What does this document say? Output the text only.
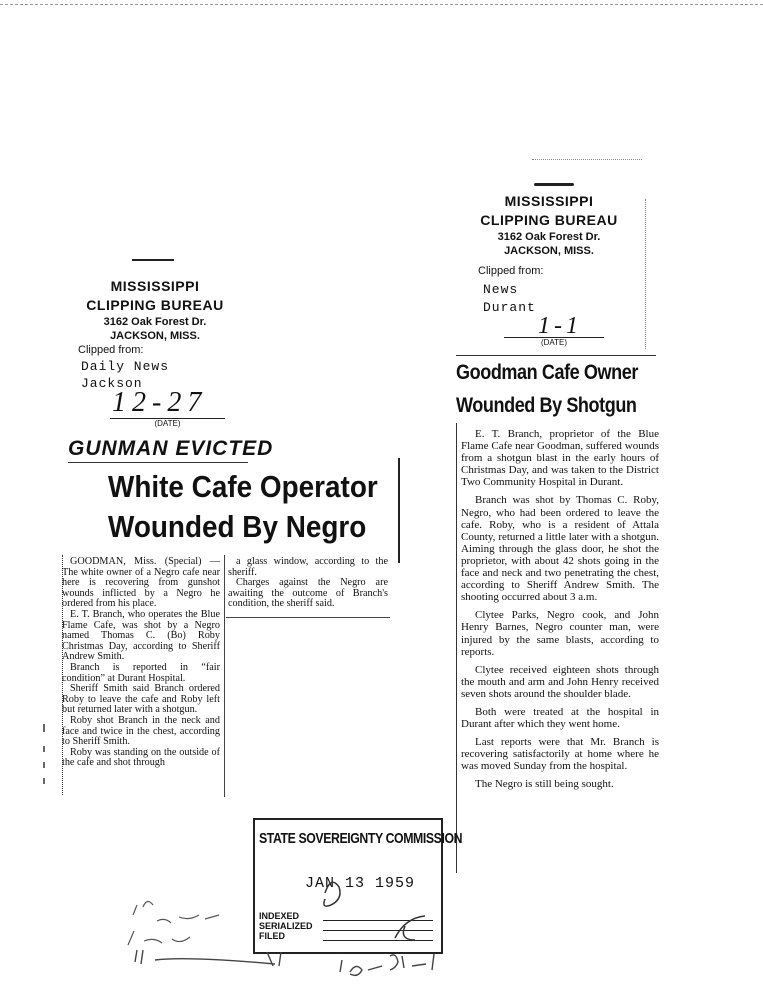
MISSISSIPPI
CLIPPING BUREAU
3162 Oak Forest Dr.
JACKSON, MISS.
Clipped from:
Daily News
Jackson
12-27
(DATE)
GUNMAN EVICTED
White Cafe Operator
Wounded By Negro

GOODMAN, Miss. (Special) — The white owner of a Negro cafe near here is recovering from gunshot wounds inflicted by a Negro he ordered from his place.

E. T. Branch, who operates the Blue Flame Cafe, was shot by a Negro named Thomas C. (Bo) Roby Christmas Day, according to Sheriff Andrew Smith.

Branch is reported in “fair condition” at Durant Hospital.

Sheriff Smith said Branch ordered Roby to leave the cafe and Roby left but returned later with a shotgun.

Roby shot Branch in the neck and face and twice in the chest, according to Sheriff Smith.

Roby was standing on the outside of the cafe and shot through

a glass window, according to the sheriff.

Charges against the Negro are awaiting the outcome of Branch's condition, the sheriff said.

MISSISSIPPI
CLIPPING BUREAU
3162 Oak Forest Dr.
JACKSON, MISS.
Clipped from:
News
Durant
1-1
(DATE)
Goodman Cafe Owner
Wounded By Shotgun

E. T. Branch, proprietor of the Blue Flame Cafe near Goodman, suffered wounds from a shotgun blast in the early hours of Christmas Day, and was taken to the District Two Community Hospital in Durant.

Branch was shot by Thomas C. Roby, Negro, who had been ordered to leave the cafe. Roby, who is a resident of Attala County, returned a little later with a shotgun. Aiming through the glass door, he shot the proprietor, with about 42 shots going in the face and neck and two penetrating the chest, according to Sheriff Andrew Smith. The shooting occurred about 3 a.m.

Clytee Parks, Negro cook, and John Henry Barnes, Negro counter man, were injured by the same blasts, according to reports.

Clytee received eighteen shots through the mouth and arm and John Henry received seven shots around the shoulder blade.

Both were treated at the hospital in Durant after which they went home.

Last reports were that Mr. Branch is recovering satisfactorily at home where he was moved Sunday from the hospital.

The Negro is still being sought.

STATE SOVEREIGNTY COMMISSION
JAN 13 1959
INDEXED
SERIALIZED
FILED
